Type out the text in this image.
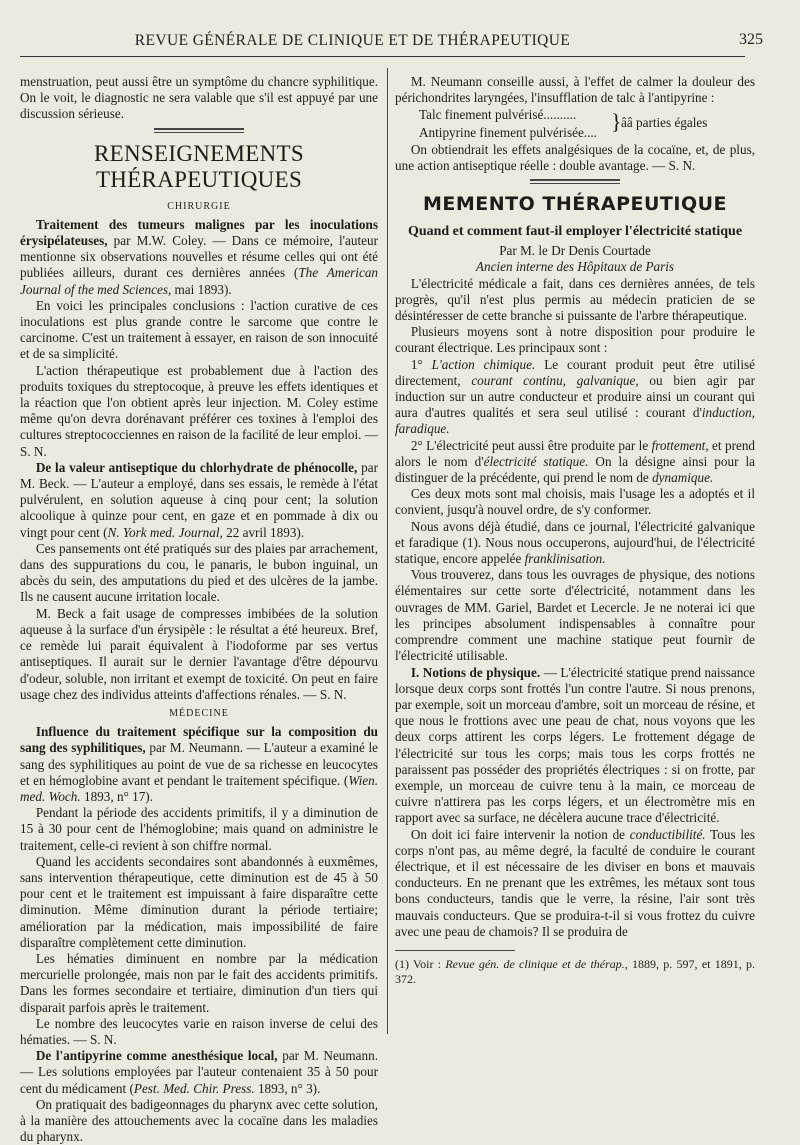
REVUE GÉNÉRALE DE CLINIQUE ET DE THÉRAPEUTIQUE	325

menstruation, peut aussi être un symptôme du chancre syphilitique. On le voit, le diagnostic ne sera valable que s'il est appuyé par une discussion sérieuse.

RENSEIGNEMENTS THÉRAPEUTIQUES
CHIRURGIE

Traitement des tumeurs malignes par les inoculations érysipélateuses, par M.W. Coley. — Dans ce mémoire, l'auteur mentionne six observations nouvelles et résume celles qui ont été publiées ailleurs, durant ces dernières années (The American Journal of the med Sciences, mai 1893).

En voici les principales conclusions : l'action curative de ces inoculations est plus grande contre le sarcome que contre le carcinome. C'est un traitement à essayer, en raison de son innocuité et de sa simplicité.

L'action thérapeutique est probablement due à l'action des produits toxiques du streptocoque, à preuve les effets identiques et la réaction que l'on obtient après leur injection. M. Coley estime même qu'on devra dorénavant préférer ces toxines à l'emploi des cultures streptococciennes en raison de la facilité de leur emploi. — S. N.

De la valeur antiseptique du chlorhydrate de phénocolle, par M. Beck. — L'auteur a employé, dans ses essais, le remède à l'état pulvérulent, en solution aqueuse à cinq pour cent; la solution alcoolique à quinze pour cent, en gaze et en pommade à dix ou vingt pour cent (N. York med. Journal, 22 avril 1893).

Ces pansements ont été pratiqués sur des plaies par arrachement, dans des suppurations du cou, le panaris, le bubon inguinal, un abcès du sein, des amputations du pied et des ulcères de la jambe. Ils ne causent aucune irritation locale.

M. Beck a fait usage de compresses imbibées de la solution aqueuse à la surface d'un érysipèle : le résultat a été heureux. Bref, ce remède lui parait équivalent à l'iodoforme par ses vertus antiseptiques. Il aurait sur le dernier l'avantage d'être dépourvu d'odeur, soluble, non irritant et exempt de toxicité. On peut en faire usage chez des individus atteints d'affections rénales. — S. N.

MÉDECINE

Influence du traitement spécifique sur la composition du sang des syphilitiques, par M. Neumann. — L'auteur a examiné le sang des syphilitiques au point de vue de sa richesse en leucocytes et en hémoglobine avant et pendant le traitement spécifique. (Wien. med. Woch. 1893, n° 17).

Pendant la période des accidents primitifs, il y a diminution de 15 à 30 pour cent de l'hémoglobine; mais quand on administre le traitement, celle-ci revient à son chiffre normal.

Quand les accidents secondaires sont abandonnés à euxmêmes, sans intervention thérapeutique, cette diminution est de 45 à 50 pour cent et le traitement est impuissant à faire disparaître cette diminution. Même diminution durant la période tertiaire; amélioration par la médication, mais impossibilité de faire disparaître complètement cette diminution.

Les hématies diminuent en nombre par la médication mercurielle prolongée, mais non par le fait des accidents primitifs. Dans les formes secondaire et tertiaire, diminution d'un tiers qui disparait parfois après le traitement.

Le nombre des leucocytes varie en raison inverse de celui des hématies. — S. N.

De l'antipyrine comme anesthésique local, par M. Neumann. — Les solutions employées par l'auteur contenaient 35 à 50 pour cent du médicament (Pest. Med. Chir. Press. 1893, n° 3).

On pratiquait des badigeonnages du pharynx avec cette solution, à la manière des attouchements avec la cocaïne dans les maladies du pharynx.

M. Neumann conseille aussi, à l'effet de calmer la douleur des périchondrites laryngées, l'insufflation de talc à l'antipyrine :

Talc finement pulvérisé..........

Antipyrine finement pulvérisée.... } ââ parties égales

On obtiendrait les effets analgésiques de la cocaïne, et, de plus, une action antiseptique réelle : double avantage. — S. N.

MEMENTO THÉRAPEUTIQUE
Quand et comment faut-il employer l'électricité statique

Par M. le Dr Denis Courtade

Ancien interne des Hôpitaux de Paris

L'électricité médicale a fait, dans ces dernières années, de tels progrès, qu'il n'est plus permis au médecin praticien de se désintéresser de cette branche si puissante de l'arbre thérapeutique.

Plusieurs moyens sont à notre disposition pour produire le courant électrique. Les principaux sont :

1° L'action chimique. Le courant produit peut être utilisé directement, courant continu, galvanique, ou bien agir par induction sur un autre conducteur et produire ainsi un courant qui aura d'autres qualités et sera seul utilisé : courant d'induction, faradique.

2° L'électricité peut aussi être produite par le frottement, et prend alors le nom d'électricité statique. On la désigne ainsi pour la distinguer de la précédente, qui prend le nom de dynamique.

Ces deux mots sont mal choisis, mais l'usage les a adoptés et il convient, jusqu'à nouvel ordre, de s'y conformer.

Nous avons déjà étudié, dans ce journal, l'électricité galvanique et faradique (1). Nous nous occuperons, aujourd'hui, de l'électricité statique, encore appelée franklinisation.

Vous trouverez, dans tous les ouvrages de physique, des notions élémentaires sur cette sorte d'électricité, notamment dans les ouvrages de MM. Gariel, Bardet et Lecercle. Je ne noterai ici que les principes absolument indispensables à connaître pour comprendre comment une machine statique peut fournir de l'électricité utilisable.

I. Notions de physique. — L'électricité statique prend naissance lorsque deux corps sont frottés l'un contre l'autre. Si nous prenons, par exemple, soit un morceau d'ambre, soit un morceau de résine, et que nous le frottions avec une peau de chat, nous voyons que les deux corps attirent les corps légers. Le frottement dégage de l'électricité sur tous les corps; mais tous les corps frottés ne paraissent pas posséder des propriétés électriques : si on frotte, par exemple, un morceau de cuivre tenu à la main, ce morceau de cuivre n'attirera pas les corps légers, et un électromètre mis en rapport avec sa surface, ne décèlera aucune trace d'électricité.

On doit ici faire intervenir la notion de conductibilité. Tous les corps n'ont pas, au même degré, la faculté de conduire le courant électrique, et il est nécessaire de les diviser en bons et mauvais conducteurs. En ne prenant que les extrêmes, les métaux sont tous bons conducteurs, tandis que le verre, la résine, l'air sont très mauvais conducteurs. Que se produira-t-il si vous frottez du cuivre avec une peau de chamois? Il se produira de

(1) Voir : Revue gén. de clinique et de thérap., 1889, p. 597, et 1891, p. 372.
